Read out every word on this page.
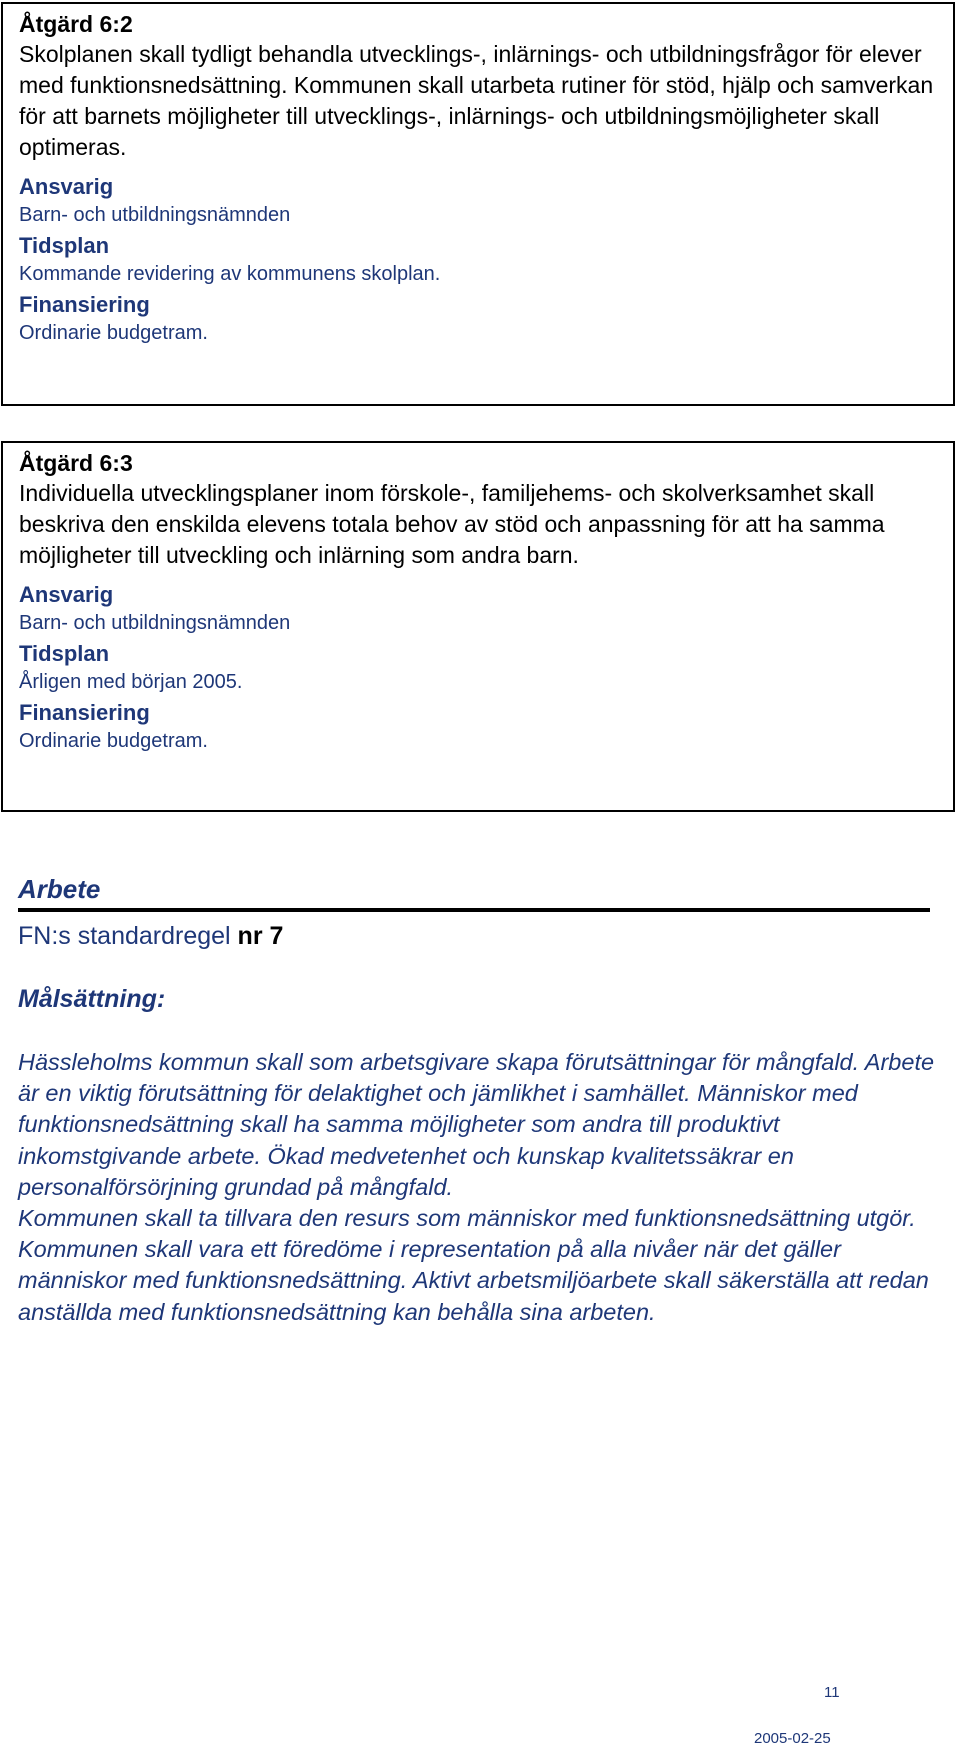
Åtgärd 6:2
Skolplanen skall tydligt behandla utvecklings-, inlärnings- och utbildningsfrågor för elever med funktionsnedsättning. Kommunen skall utarbeta rutiner för stöd, hjälp och samverkan för att barnets möjligheter till utvecklings-, inlärnings- och utbildningsmöjligheter skall optimeras.
Ansvarig
Barn- och utbildningsnämnden
Tidsplan
Kommande revidering av kommunens skolplan.
Finansiering
Ordinarie budgetram.
Åtgärd 6:3
Individuella utvecklingsplaner inom förskole-, familjehems- och skolverksamhet skall beskriva den enskilda elevens totala behov av stöd och anpassning för att ha samma möjligheter till utveckling och inlärning som andra barn.
Ansvarig
Barn- och utbildningsnämnden
Tidsplan
Årligen med början 2005.
Finansiering
Ordinarie budgetram.
Arbete
FN:s standardregel nr 7
Målsättning:

Hässleholms kommun skall som arbetsgivare skapa förutsättningar för mångfald. Arbete är en viktig förutsättning för delaktighet och jämlikhet i samhället. Människor med funktionsnedsättning skall ha samma möjligheter som andra till produktivt inkomstgivande arbete. Ökad medvetenhet och kunskap kvalitetssäkrar en personalförsörjning grundad på mångfald.

Kommunen skall ta tillvara den resurs som människor med funktionsnedsättning utgör. Kommunen skall vara ett föredöme i representation på alla nivåer när det gäller människor med funktionsnedsättning. Aktivt arbetsmiljöarbete skall säkerställa att redan anställda med funktionsnedsättning kan behålla sina arbeten.

11
2005-02-25
